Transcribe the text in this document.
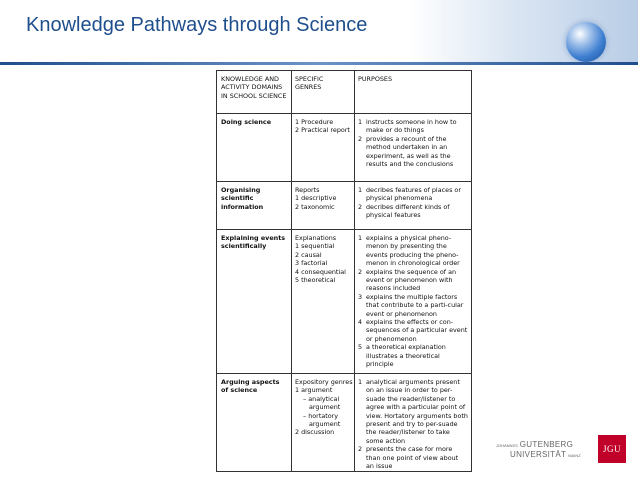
Knowledge Pathways through Science
KNOWLEDGE AND ACTIVITY DOMAINS IN SCHOOL SCIENCE
SPECIFIC GENRES
PURPOSES
Doing science	1 Procedure
2 Practical report
1 instructs someone in how to make or do things
2 provides a recount of the method undertaken in an experiment, as well as the results and the conclusions
Organising scientific information
Reports
1 descriptive
2 taxonomic
1 decribes features of places or physical phenomena
2 decribes different kinds of physical features
Explaining events scientifically
Explanations
1 sequential
2 causal
3 factorial
4 consequential
5 theoretical
1 explains a physical pheno-menon by presenting the events producing the pheno-menon in chronological order
2 explains the sequence of an event or phenomenon with reasons included
3 explains the multiple factors that contribute to a parti-cular event or phenomenon
4 explains the effects or con-sequences of a particular event or phenomenon
5 a theoretical explanation illustrates a theoretical principle
Arguing aspects of science
Expository genres
1 argument
– analytical
argument
– hortatory
argument
2 discussion
1 analytical arguments present on an issue in order to per-suade the reader/listener to agree with a particular point of view. Hortatory arguments both present and try to per-suade the reader/listener to take some action
2 presents the case for more than one point of view about an issue
JOHANNES GUTENBERG
UNIVERSITÄT MAINZ
JGU
